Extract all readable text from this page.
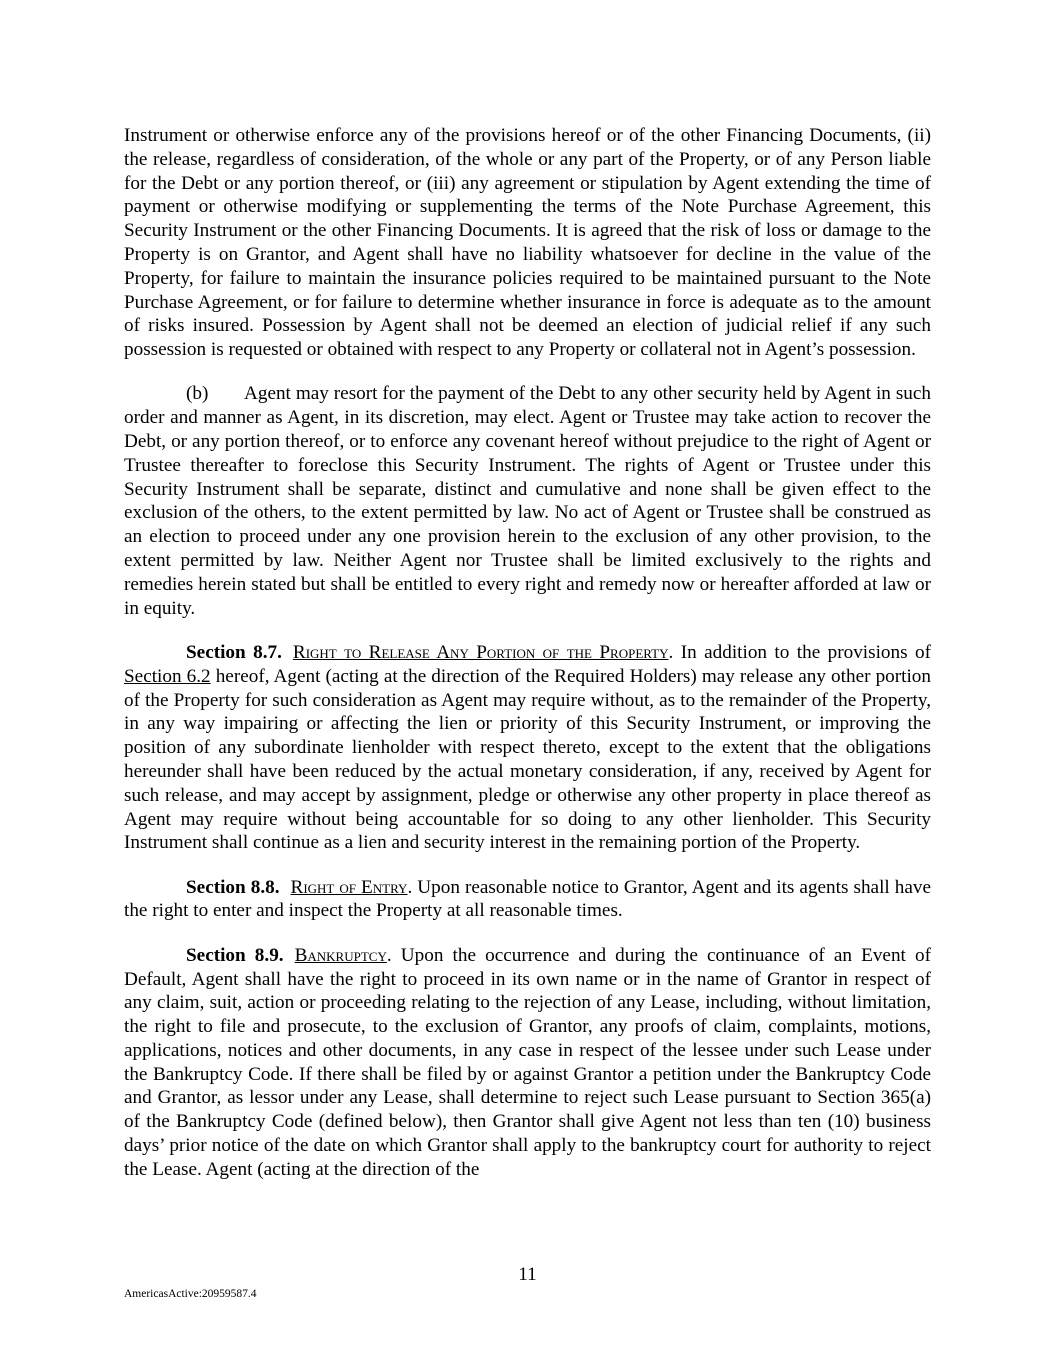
Instrument or otherwise enforce any of the provisions hereof or of the other Financing Documents, (ii) the release, regardless of consideration, of the whole or any part of the Property, or of any Person liable for the Debt or any portion thereof, or (iii) any agreement or stipulation by Agent extending the time of payment or otherwise modifying or supplementing the terms of the Note Purchase Agreement, this Security Instrument or the other Financing Documents. It is agreed that the risk of loss or damage to the Property is on Grantor, and Agent shall have no liability whatsoever for decline in the value of the Property, for failure to maintain the insurance policies required to be maintained pursuant to the Note Purchase Agreement, or for failure to determine whether insurance in force is adequate as to the amount of risks insured. Possession by Agent shall not be deemed an election of judicial relief if any such possession is requested or obtained with respect to any Property or collateral not in Agent’s possession.

(b) Agent may resort for the payment of the Debt to any other security held by Agent in such order and manner as Agent, in its discretion, may elect. Agent or Trustee may take action to recover the Debt, or any portion thereof, or to enforce any covenant hereof without prejudice to the right of Agent or Trustee thereafter to foreclose this Security Instrument. The rights of Agent or Trustee under this Security Instrument shall be separate, distinct and cumulative and none shall be given effect to the exclusion of the others, to the extent permitted by law. No act of Agent or Trustee shall be construed as an election to proceed under any one provision herein to the exclusion of any other provision, to the extent permitted by law. Neither Agent nor Trustee shall be limited exclusively to the rights and remedies herein stated but shall be entitled to every right and remedy now or hereafter afforded at law or in equity.

Section 8.7. Right to Release Any Portion of the Property. In addition to the provisions of Section 6.2 hereof, Agent (acting at the direction of the Required Holders) may release any other portion of the Property for such consideration as Agent may require without, as to the remainder of the Property, in any way impairing or affecting the lien or priority of this Security Instrument, or improving the position of any subordinate lienholder with respect thereto, except to the extent that the obligations hereunder shall have been reduced by the actual monetary consideration, if any, received by Agent for such release, and may accept by assignment, pledge or otherwise any other property in place thereof as Agent may require without being accountable for so doing to any other lienholder. This Security Instrument shall continue as a lien and security interest in the remaining portion of the Property.

Section 8.8. Right of Entry. Upon reasonable notice to Grantor, Agent and its agents shall have the right to enter and inspect the Property at all reasonable times.

Section 8.9. Bankruptcy. Upon the occurrence and during the continuance of an Event of Default, Agent shall have the right to proceed in its own name or in the name of Grantor in respect of any claim, suit, action or proceeding relating to the rejection of any Lease, including, without limitation, the right to file and prosecute, to the exclusion of Grantor, any proofs of claim, complaints, motions, applications, notices and other documents, in any case in respect of the lessee under such Lease under the Bankruptcy Code. If there shall be filed by or against Grantor a petition under the Bankruptcy Code and Grantor, as lessor under any Lease, shall determine to reject such Lease pursuant to Section 365(a) of the Bankruptcy Code (defined below), then Grantor shall give Agent not less than ten (10) business days’ prior notice of the date on which Grantor shall apply to the bankruptcy court for authority to reject the Lease. Agent (acting at the direction of the

11
AmericasActive:20959587.4
